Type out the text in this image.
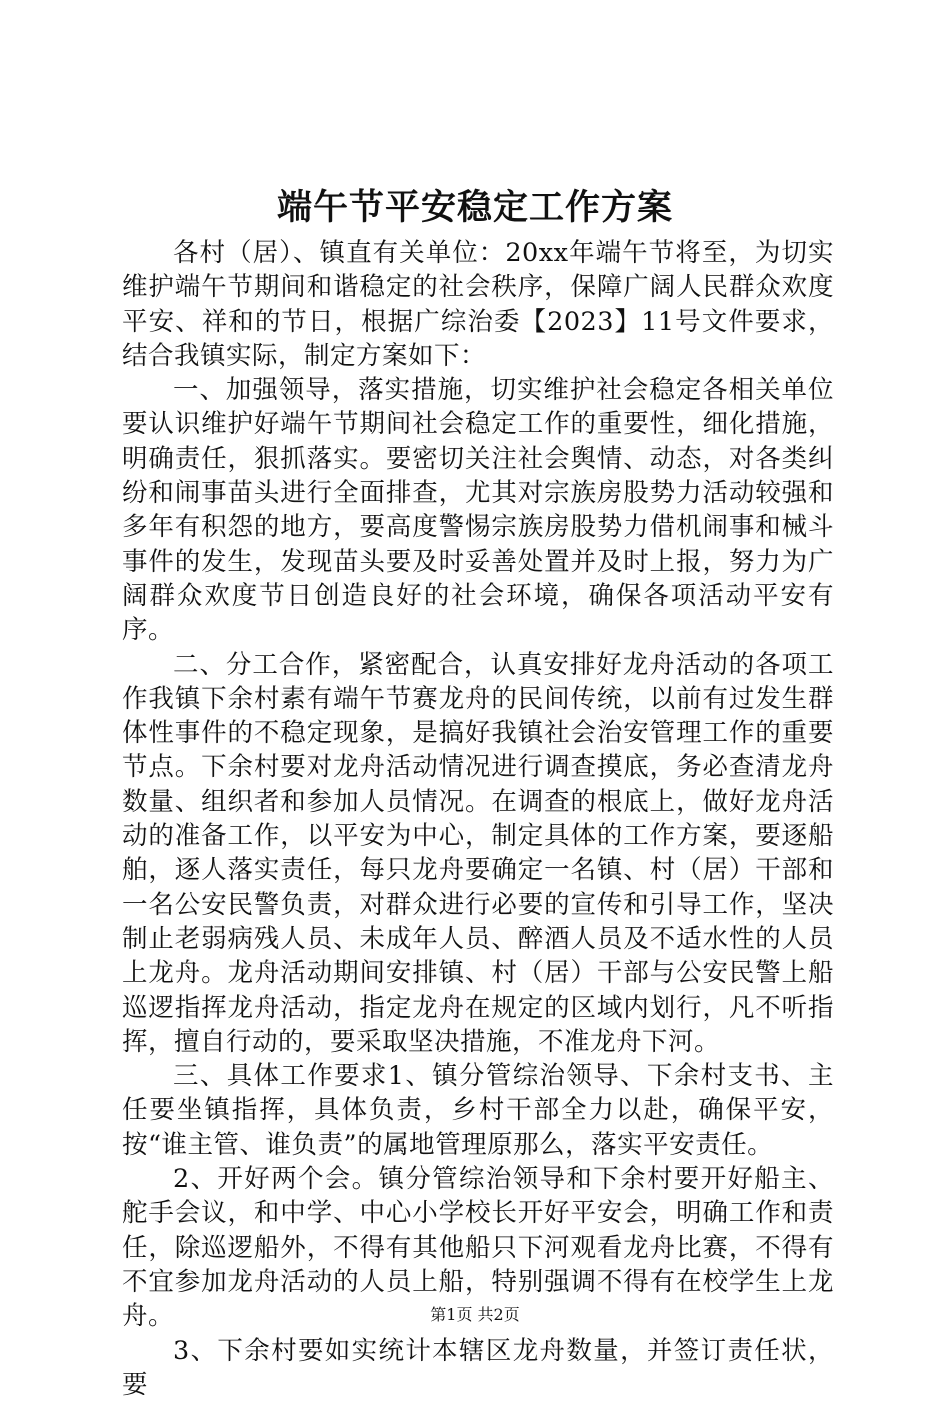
端午节平安稳定工作方案

各村（居）、镇直有关单位：20xx年端午节将至，为切实维护端午节期间和谐稳定的社会秩序，保障广阔人民群众欢度平安、祥和的节日，根据广综治委【2023】11号文件要求，结合我镇实际，制定方案如下：

一、加强领导，落实措施，切实维护社会稳定各相关单位要认识维护好端午节期间社会稳定工作的重要性，细化措施，明确责任，狠抓落实。要密切关注社会舆情、动态，对各类纠纷和闹事苗头进行全面排查，尤其对宗族房股势力活动较强和多年有积怨的地方，要高度警惕宗族房股势力借机闹事和械斗事件的发生，发现苗头要及时妥善处置并及时上报，努力为广阔群众欢度节日创造良好的社会环境，确保各项活动平安有序。

二、分工合作，紧密配合，认真安排好龙舟活动的各项工作我镇下余村素有端午节赛龙舟的民间传统，以前有过发生群体性事件的不稳定现象，是搞好我镇社会治安管理工作的重要节点。下余村要对龙舟活动情况进行调查摸底，务必查清龙舟数量、组织者和参加人员情况。在调查的根底上，做好龙舟活动的准备工作，以平安为中心，制定具体的工作方案，要逐船舶，逐人落实责任，每只龙舟要确定一名镇、村（居）干部和一名公安民警负责，对群众进行必要的宣传和引导工作，坚决制止老弱病残人员、未成年人员、醉酒人员及不适水性的人员上龙舟。龙舟活动期间安排镇、村（居）干部与公安民警上船巡逻指挥龙舟活动，指定龙舟在规定的区域内划行，凡不听指挥，擅自行动的，要采取坚决措施，不准龙舟下河。

三、具体工作要求1、镇分管综治领导、下余村支书、主任要坐镇指挥，具体负责，乡村干部全力以赴，确保平安，按“谁主管、谁负责”的属地管理原那么，落实平安责任。

2、开好两个会。镇分管综治领导和下余村要开好船主、舵手会议，和中学、中心小学校长开好平安会，明确工作和责任，除巡逻船外，不得有其他船只下河观看龙舟比赛，不得有不宜参加龙舟活动的人员上船，特别强调不得有在校学生上龙舟。

3、下余村要如实统计本辖区龙舟数量，并签订责任状，要

第1页 共2页
